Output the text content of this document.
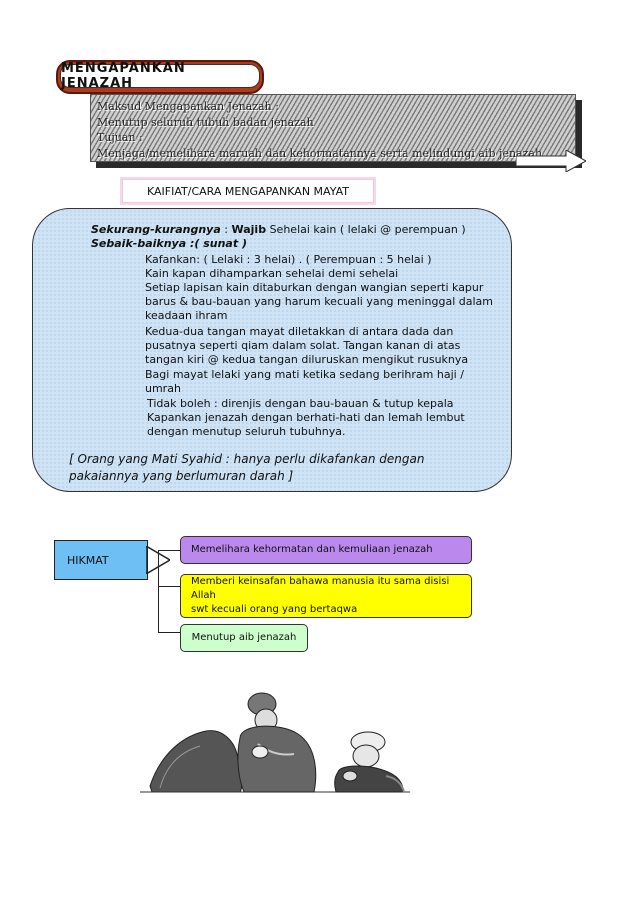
MENGAPANKAN JENAZAH
Maksud Mengapankan Jenazah :
Menutup seluruh tubuh badan jenazah
Tujuan :
Menjaga/memelihara maruah dan kehormatannya serta melindungi aib jenazah
KAIFIAT/CARA MENGAPANKAN MAYAT
Sekurang-kurangnya : Wajib Sehelai kain ( lelaki @ perempuan )
Sebaik-baiknya :( sunat )
Kafankan: ( Lelaki : 3 helai) . ( Perempuan : 5 helai )
Kain kapan dihamparkan sehelai demi sehelai
Setiap lapisan kain ditaburkan dengan wangian seperti kapur
barus & bau-bauan yang harum kecuali yang meninggal dalam
keadaan ihram
Kedua-dua tangan mayat diletakkan di antara dada dan
pusatnya seperti qiam dalam solat. Tangan kanan di atas
tangan kiri @ kedua tangan diluruskan mengikut rusuknya
Bagi mayat lelaki yang mati ketika sedang berihram haji /
umrah
Tidak boleh : direnjis dengan bau-bauan & tutup kepala
Kapankan jenazah dengan berhati-hati dan lemah lembut
dengan menutup seluruh tubuhnya.
[ Orang yang Mati Syahid : hanya perlu dikafankan dengan
pakaiannya yang berlumuran darah ]
HIKMAT
Memelihara kehormatan dan kemuliaan jenazah
Memberi keinsafan bahawa manusia itu sama disisi Allah
swt kecuali orang yang bertaqwa
Menutup aib jenazah
